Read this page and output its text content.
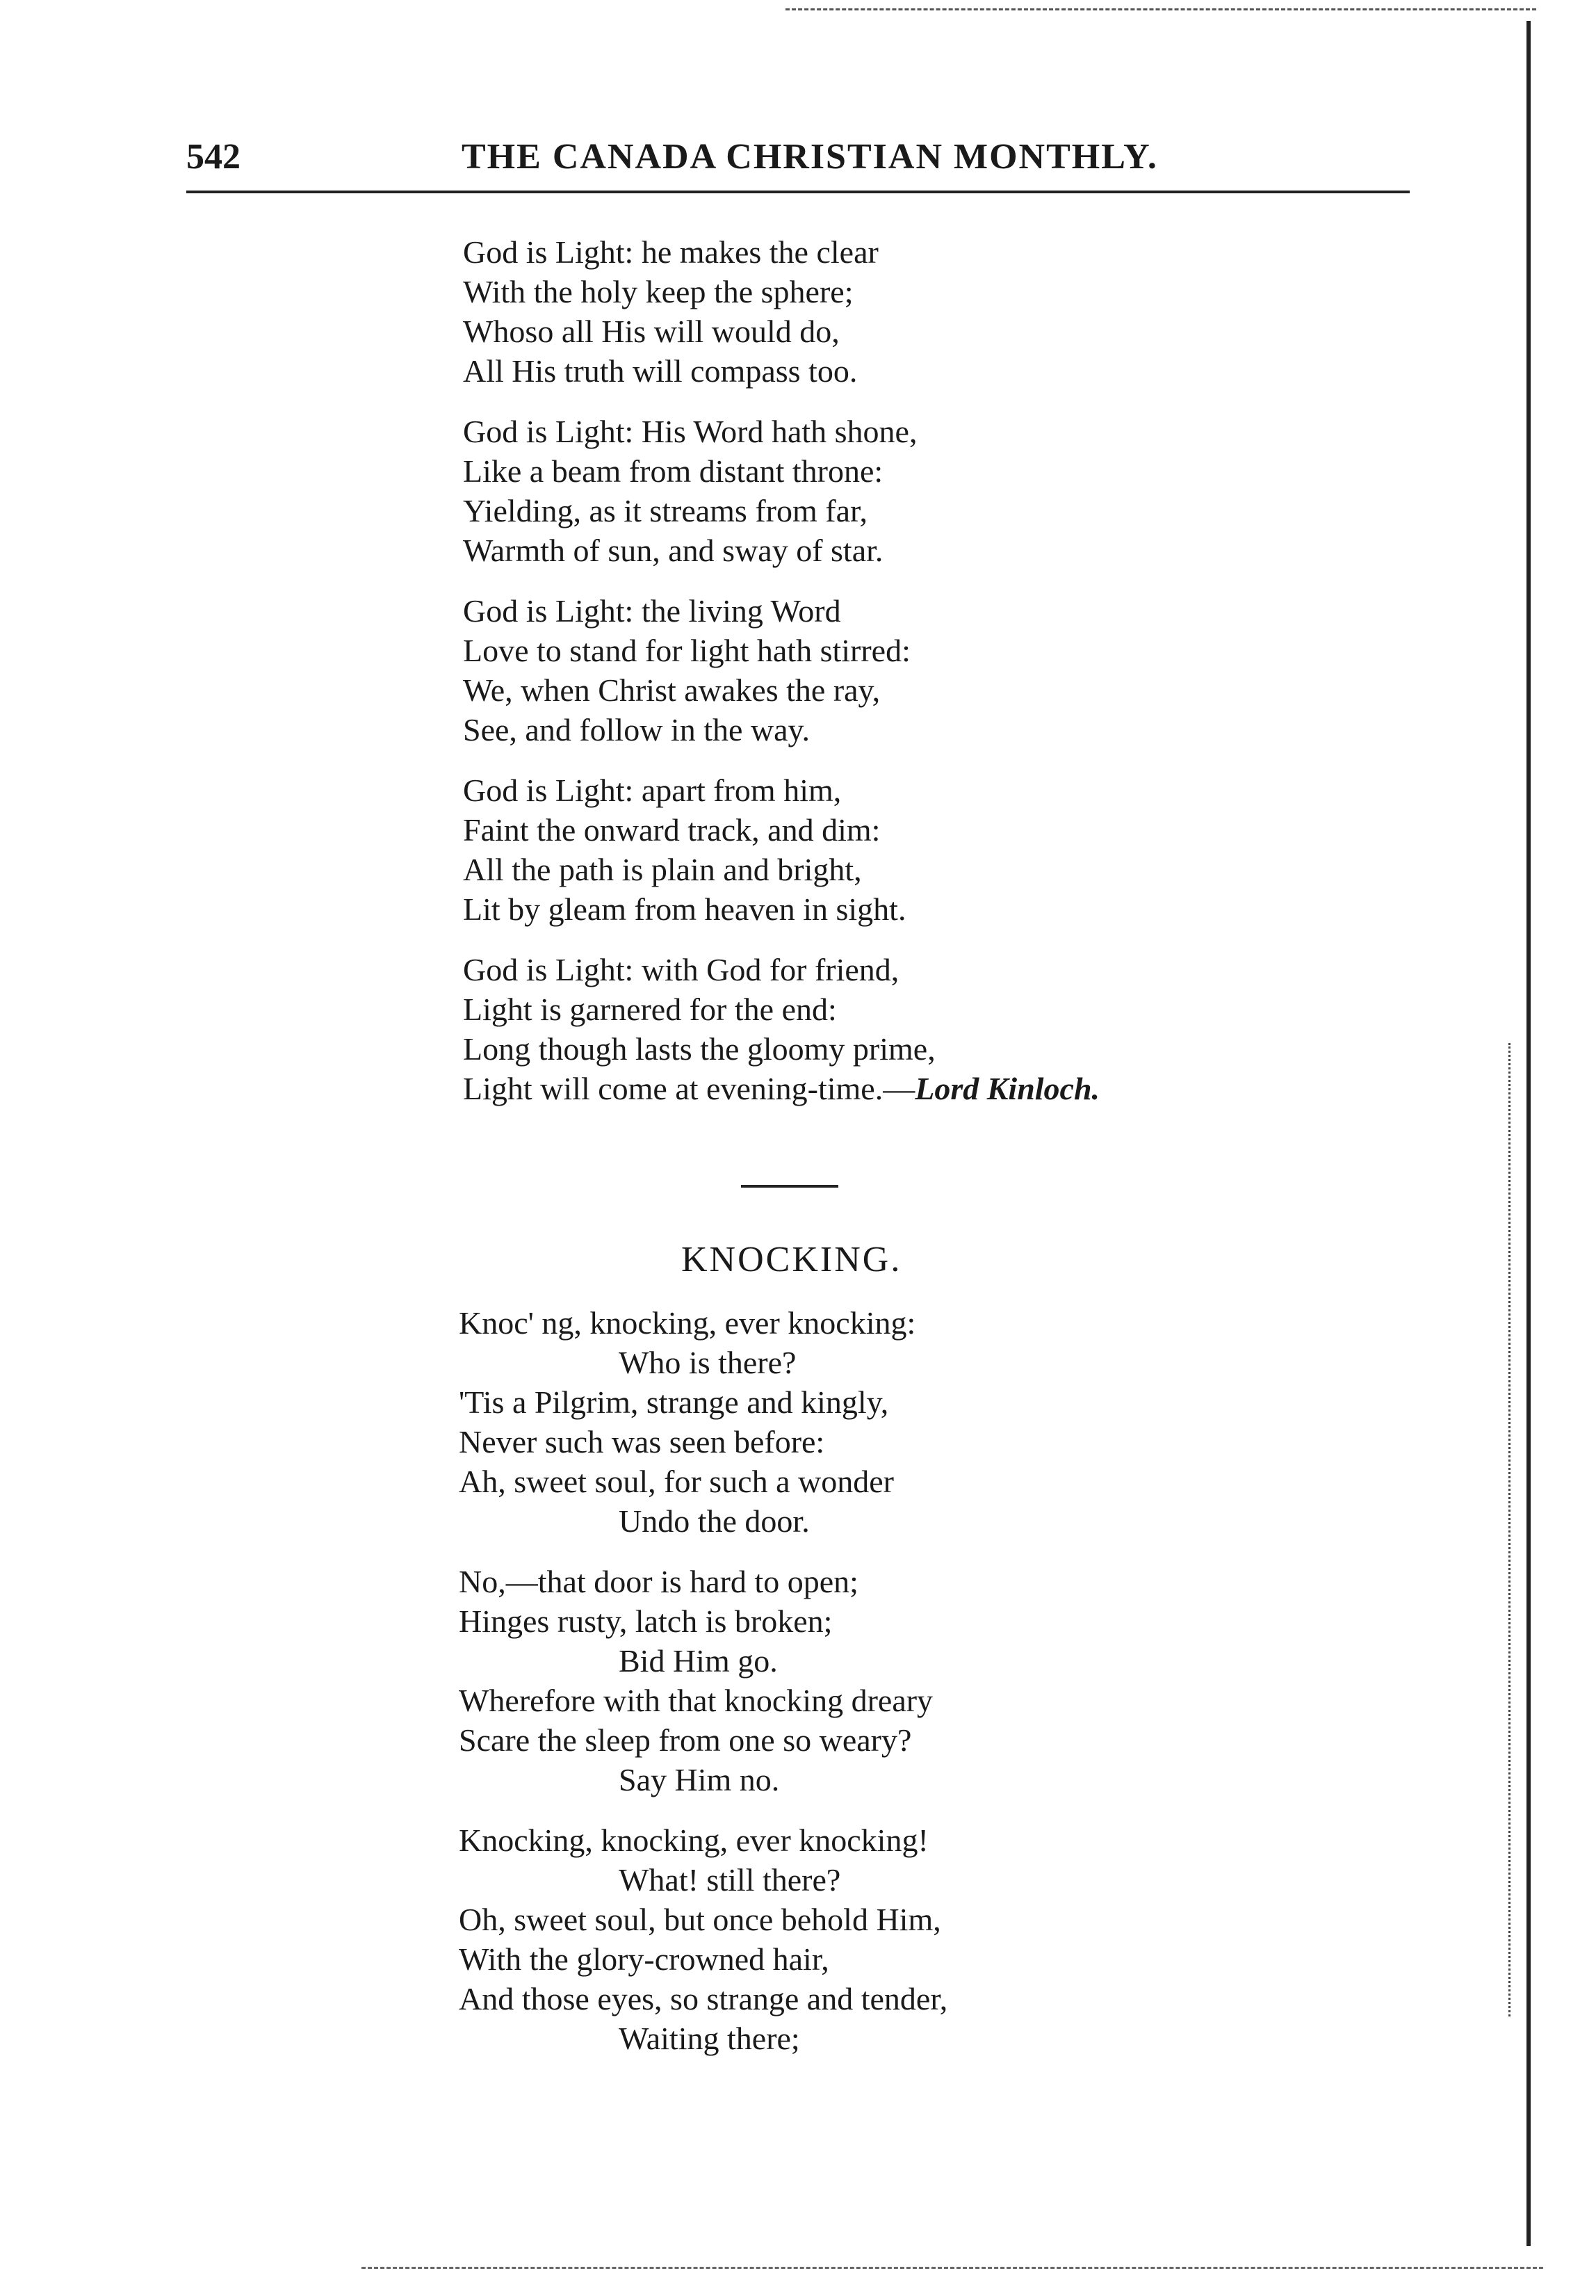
542	THE CANADA CHRISTIAN MONTHLY.
God is Light: he makes the clear
With the holy keep the sphere;
Whoso all His will would do,
All His truth will compass too.
God is Light: His Word hath shone,
Like a beam from distant throne:
Yielding, as it streams from far,
Warmth of sun, and sway of star.
God is Light: the living Word
Love to stand for light hath stirred:
We, when Christ awakes the ray,
See, and follow in the way.
God is Light: apart from him,
Faint the onward track, and dim:
All the path is plain and bright,
Lit by gleam from heaven in sight.
God is Light: with God for friend,
Light is garnered for the end:
Long though lasts the gloomy prime,
Light will come at evening-time.—Lord Kinloch.
KNOCKING.
Knoc' ng, knocking, ever knocking:
Who is there?
'Tis a Pilgrim, strange and kingly,
Never such was seen before:
Ah, sweet soul, for such a wonder
Undo the door.
No,—that door is hard to open;
Hinges rusty, latch is broken;
Bid Him go.
Wherefore with that knocking dreary
Scare the sleep from one so weary?
Say Him no.
Knocking, knocking, ever knocking!
What! still there?
Oh, sweet soul, but once behold Him,
With the glory-crowned hair,
And those eyes, so strange and tender,
Waiting there;
